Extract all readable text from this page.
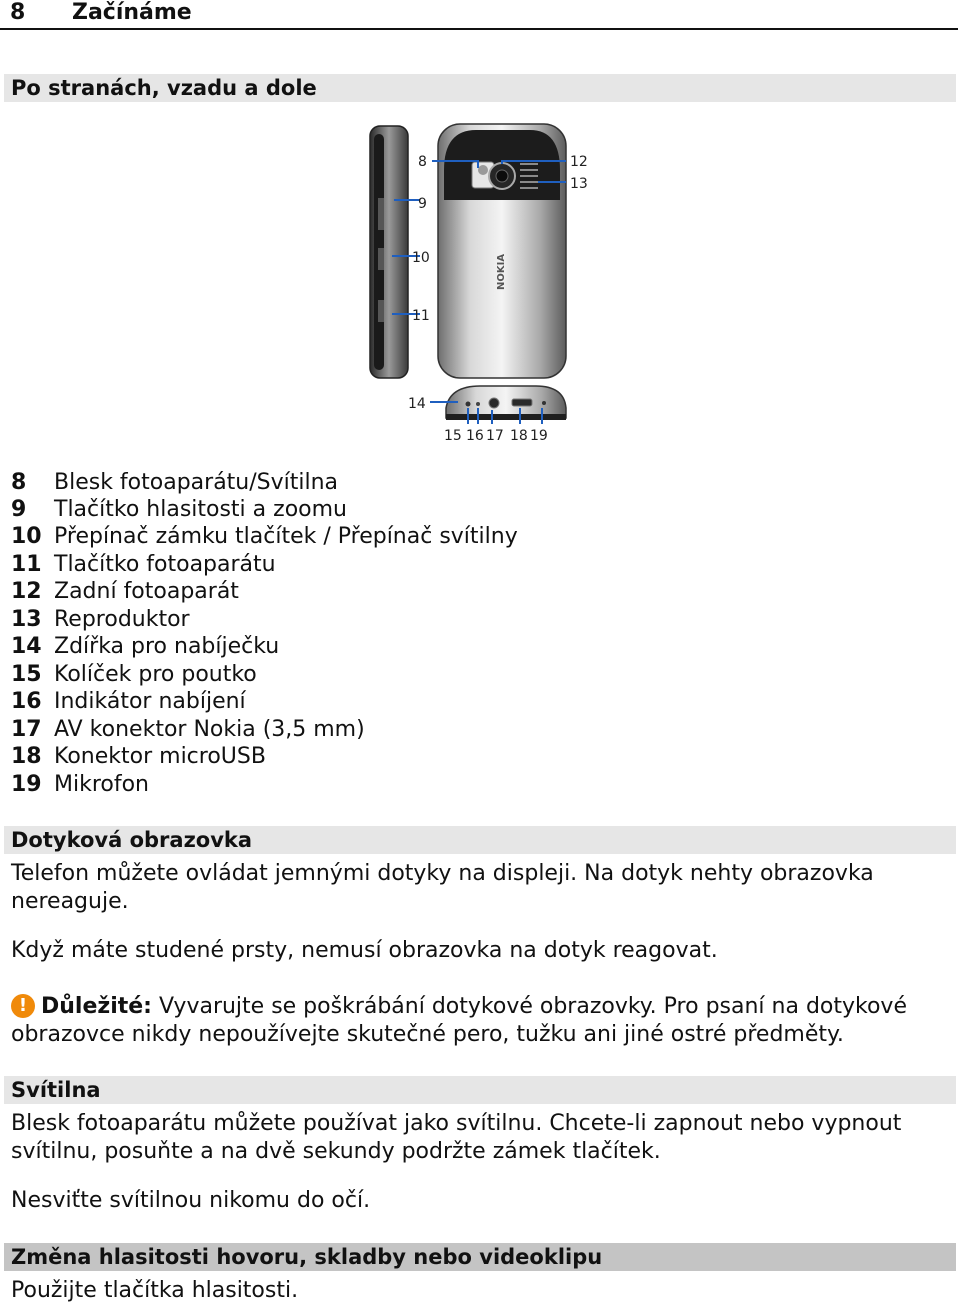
8 Začínáme
Po stranách, vzadu a dole
NOKIA
8
9
10
11
12
13
14
15 16 17 18 19
8 Blesk fotoaparátu/Svítilna
9 Tlačítko hlasitosti a zoomu
10 Přepínač zámku tlačítek / Přepínač svítilny
11 Tlačítko fotoaparátu
12 Zadní fotoaparát
13 Reproduktor
14 Zdířka pro nabíječku
15 Kolíček pro poutko
16 Indikátor nabíjení
17 AV konektor Nokia (3,5 mm)
18 Konektor microUSB
19 Mikrofon
Dotyková obrazovka
Telefon můžete ovládat jemnými dotyky na displeji. Na dotyk nehty obrazovka nereaguje.
Když máte studené prsty, nemusí obrazovka na dotyk reagovat.
! Důležité: Vyvarujte se poškrábání dotykové obrazovky. Pro psaní na dotykové obrazovce nikdy nepoužívejte skutečné pero, tužku ani jiné ostré předměty.
Svítilna
Blesk fotoaparátu můžete používat jako svítilnu. Chcete-li zapnout nebo vypnout svítilnu, posuňte a na dvě sekundy podržte zámek tlačítek.
Nesviťte svítilnou nikomu do očí.
Změna hlasitosti hovoru, skladby nebo videoklipu
Použijte tlačítka hlasitosti.
